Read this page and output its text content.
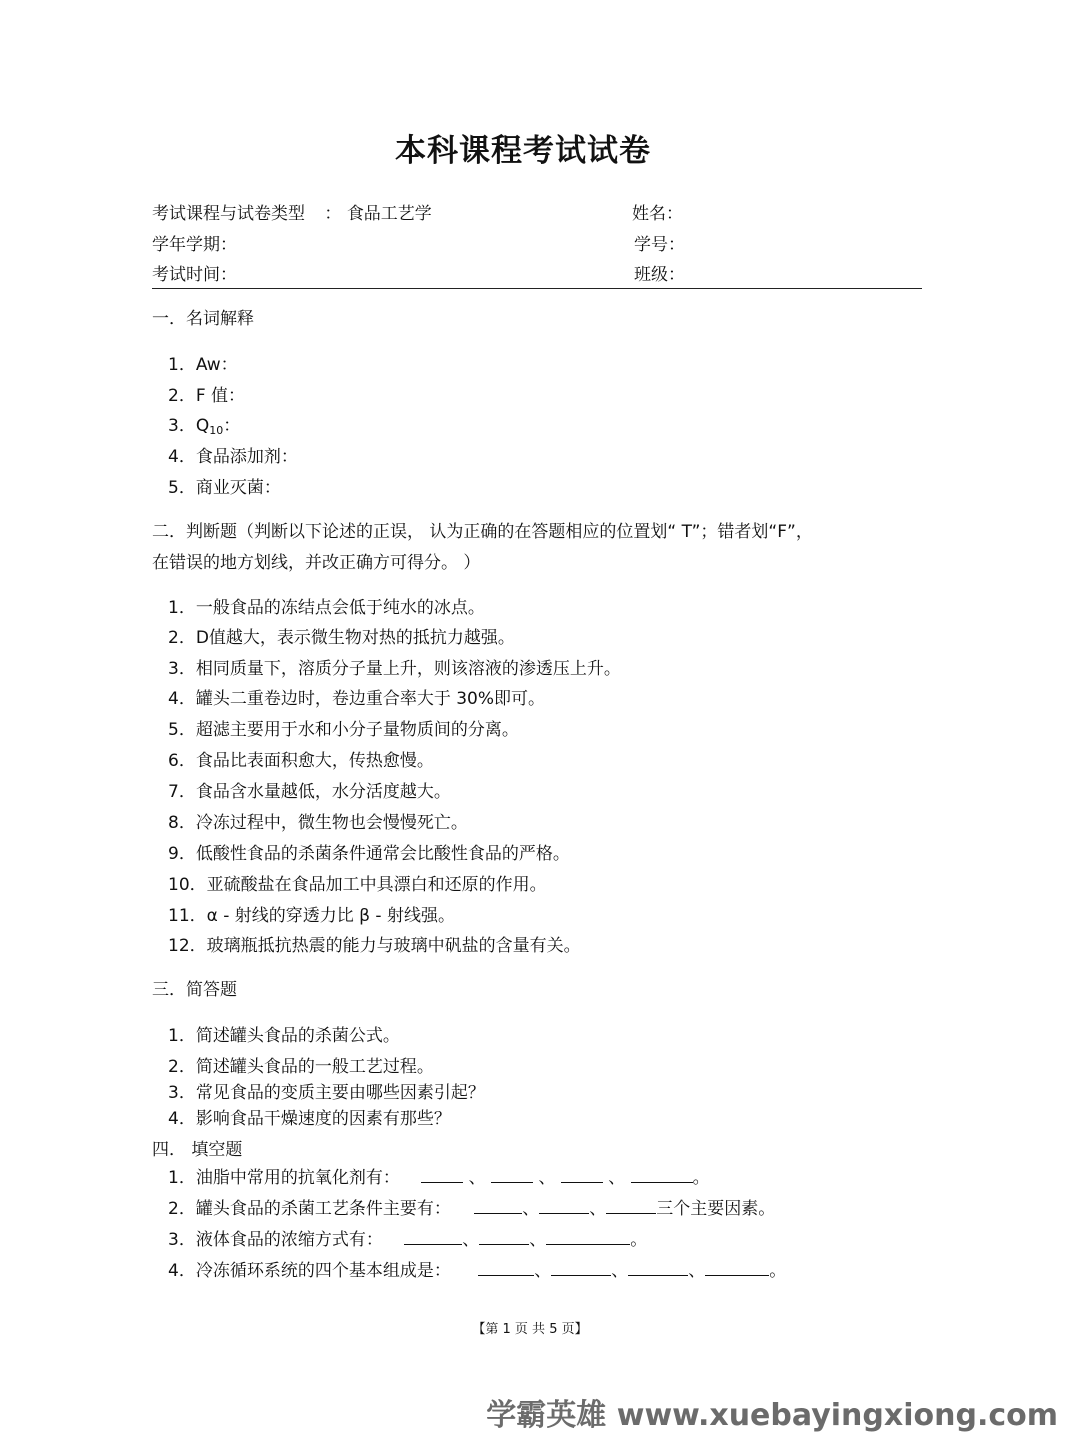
本科课程考试试卷
考试课程与试卷类型 ： 食品工艺学	姓名：
学年学期：	学号：
考试时间：	班级：
一．名词解释
1．Aw：
2．F 值：
3．$Q_{10}$：
4．食品添加剂：
5．商业灭菌：
二．判断题（判断以下论述的正误， 认为正确的在答题相应的位置划“ T”；错者划“F”，
在错误的地方划线，并改正确方可得分。 ）
1．一般食品的冻结点会低于纯水的冰点。
2．D值越大，表示微生物对热的抵抗力越强。
3．相同质量下，溶质分子量上升，则该溶液的渗透压上升。
4．罐头二重卷边时，卷边重合率大于 30%即可。
5．超滤主要用于水和小分子量物质间的分离。
6．食品比表面积愈大，传热愈慢。
7．食品含水量越低，水分活度越大。
8．冷冻过程中，微生物也会慢慢死亡。
9．低酸性食品的杀菌条件通常会比酸性食品的严格。
10．亚硫酸盐在食品加工中具漂白和还原的作用。
11．α - 射线的穿透力比 β - 射线强。
12．玻璃瓶抵抗热震的能力与玻璃中矾盐的含量有关。
三．简答题
1．简述罐头食品的杀菌公式。
2．简述罐头食品的一般工艺过程。
3．常见食品的变质主要由哪些因素引起？
4．影响食品干燥速度的因素有那些？
四． 填空题
1．油脂中常用的抗氧化剂有：	、	、	、	。
2．罐头食品的杀菌工艺条件主要有：	、	、	三个主要因素。
3．液体食品的浓缩方式有：	、	、	。
4．冷冻循环系统的四个基本组成是：	、	、	、	。
【第 1 页 共 5 页】
学霸英雄 www.xuebayingxiong.com
